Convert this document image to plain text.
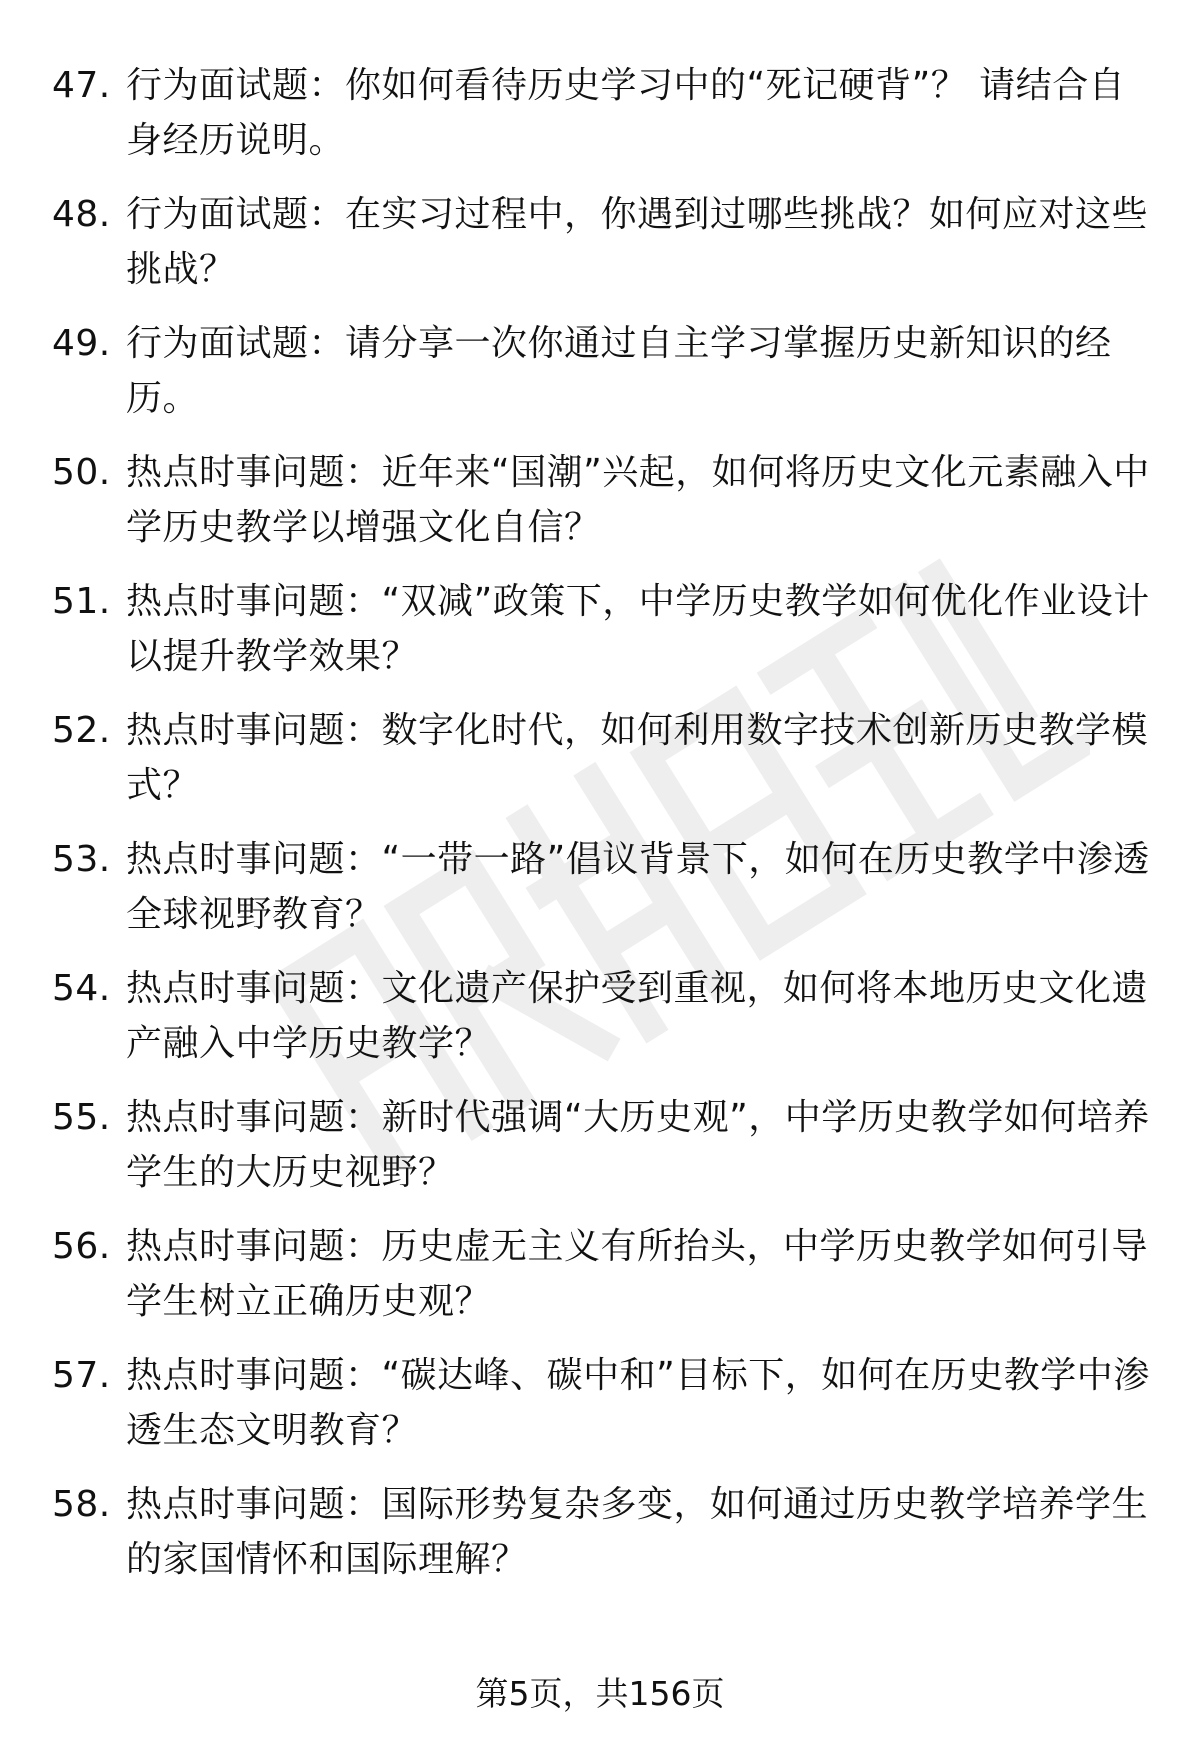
47. 行为面试题：你如何看待历史学习中的“死记硬背”？ 请结合自身经历说明。
48. 行为面试题：在实习过程中，你遇到过哪些挑战？如何应对这些挑战？
49. 行为面试题：请分享一次你通过自主学习掌握历史新知识的经历。
50. 热点时事问题：近年来“国潮”兴起，如何将历史文化元素融入中学历史教学以增强文化自信？
51. 热点时事问题：“双减”政策下，中学历史教学如何优化作业设计以提升教学效果？
52. 热点时事问题：数字化时代，如何利用数字技术创新历史教学模式？
53. 热点时事问题：“一带一路”倡议背景下，如何在历史教学中渗透全球视野教育？
54. 热点时事问题：文化遗产保护受到重视，如何将本地历史文化遗产融入中学历史教学？
55. 热点时事问题：新时代强调“大历史观”，中学历史教学如何培养学生的大历史视野？
56. 热点时事问题：历史虚无主义有所抬头，中学历史教学如何引导学生树立正确历史观？
57. 热点时事问题：“碳达峰、碳中和”目标下，如何在历史教学中渗透生态文明教育？
58. 热点时事问题：国际形势复杂多变，如何通过历史教学培养学生的家国情怀和国际理解？
第5页，共156页
